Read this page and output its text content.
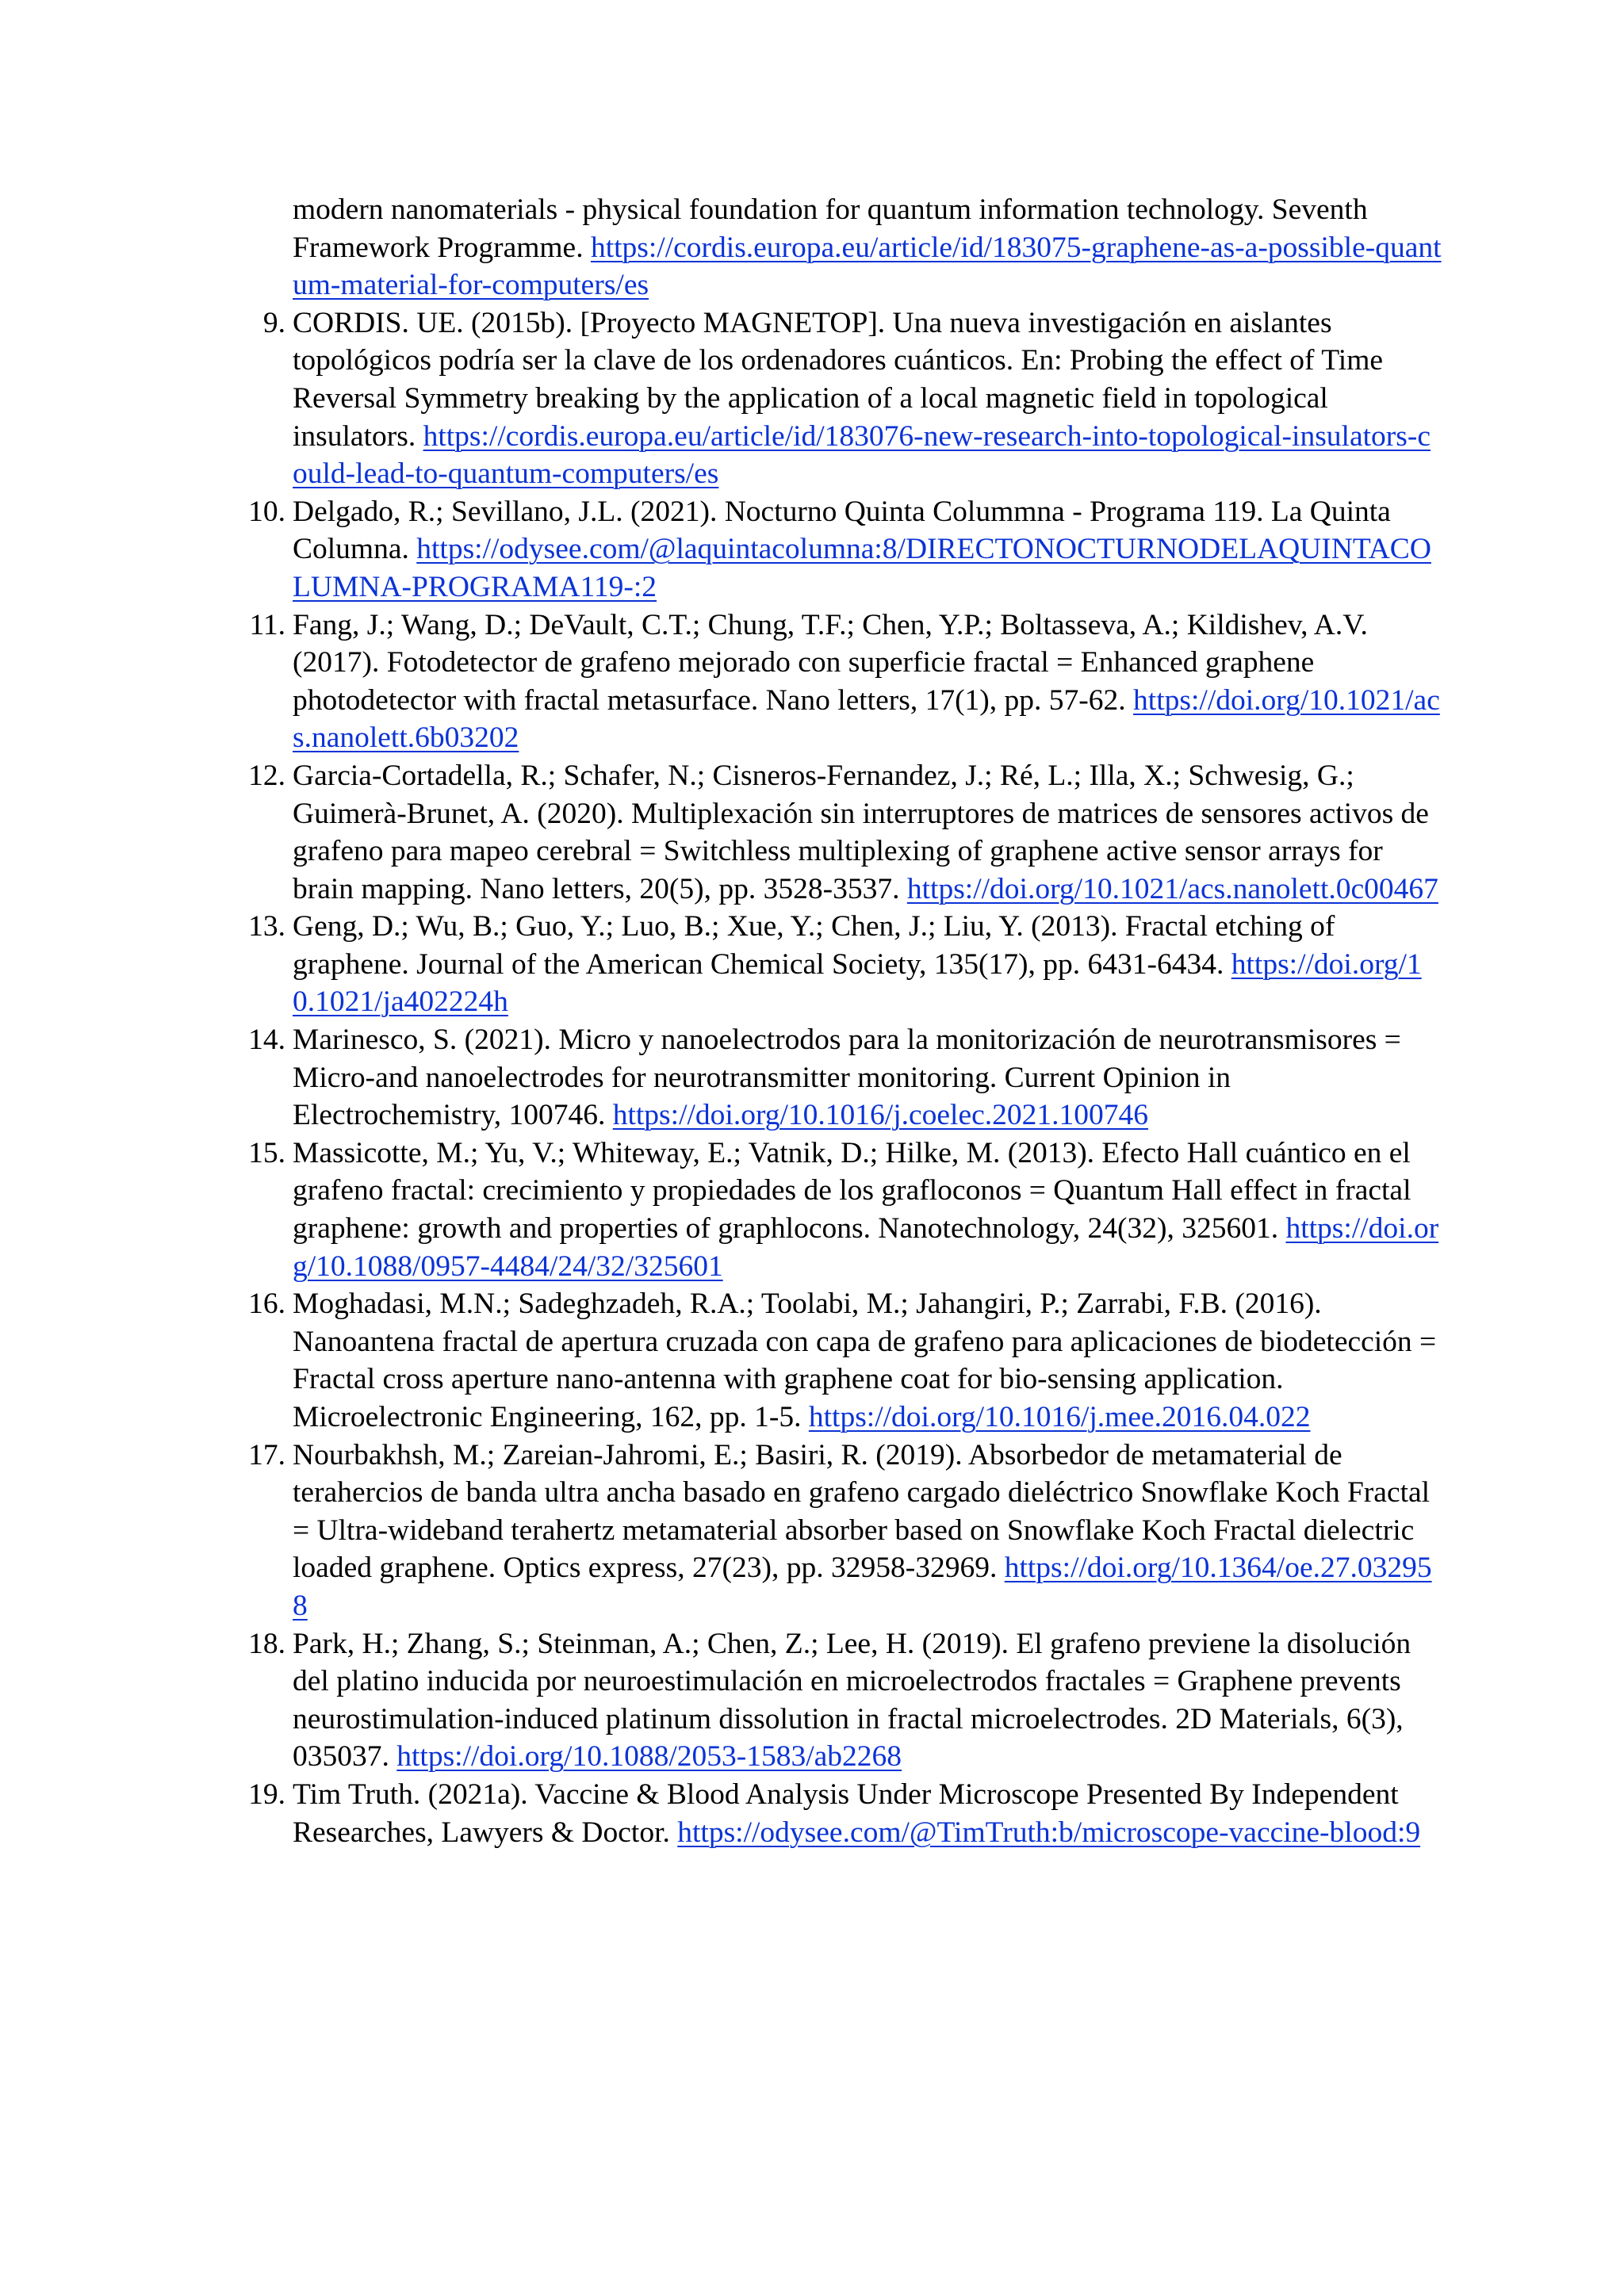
modern nanomaterials - physical foundation for quantum information technology. Seventh Framework Programme. https://cordis.europa.eu/article/id/183075-graphene-as-a-possible-quantum-material-for-computers/es
9. CORDIS. UE. (2015b). [Proyecto MAGNETOP]. Una nueva investigación en aislantes topológicos podría ser la clave de los ordenadores cuánticos. En: Probing the effect of Time Reversal Symmetry breaking by the application of a local magnetic field in topological insulators. https://cordis.europa.eu/article/id/183076-new-research-into-topological-insulators-could-lead-to-quantum-computers/es
10. Delgado, R.; Sevillano, J.L. (2021). Nocturno Quinta Colummna - Programa 119. La Quinta Columna. https://odysee.com/@laquintacolumna:8/DIRECTONOCTURNODELAQUINTACOLUMNA-PROGRAMA119-:2
11. Fang, J.; Wang, D.; DeVault, C.T.; Chung, T.F.; Chen, Y.P.; Boltasseva, A.; Kildishev, A.V. (2017). Fotodetector de grafeno mejorado con superficie fractal = Enhanced graphene photodetector with fractal metasurface. Nano letters, 17(1), pp. 57-62. https://doi.org/10.1021/acs.nanolett.6b03202
12. Garcia-Cortadella, R.; Schafer, N.; Cisneros-Fernandez, J.; Ré, L.; Illa, X.; Schwesig, G.; Guimerà-Brunet, A. (2020). Multiplexación sin interruptores de matrices de sensores activos de grafeno para mapeo cerebral = Switchless multiplexing of graphene active sensor arrays for brain mapping. Nano letters, 20(5), pp. 3528-3537. https://doi.org/10.1021/acs.nanolett.0c00467
13. Geng, D.; Wu, B.; Guo, Y.; Luo, B.; Xue, Y.; Chen, J.; Liu, Y. (2013). Fractal etching of graphene. Journal of the American Chemical Society, 135(17), pp. 6431-6434. https://doi.org/10.1021/ja402224h
14. Marinesco, S. (2021). Micro y nanoelectrodos para la monitorización de neurotransmisores = Micro-and nanoelectrodes for neurotransmitter monitoring. Current Opinion in Electrochemistry, 100746. https://doi.org/10.1016/j.coelec.2021.100746
15. Massicotte, M.; Yu, V.; Whiteway, E.; Vatnik, D.; Hilke, M. (2013). Efecto Hall cuántico en el grafeno fractal: crecimiento y propiedades de los grafloconos = Quantum Hall effect in fractal graphene: growth and properties of graphlocons. Nanotechnology, 24(32), 325601. https://doi.org/10.1088/0957-4484/24/32/325601
16. Moghadasi, M.N.; Sadeghzadeh, R.A.; Toolabi, M.; Jahangiri, P.; Zarrabi, F.B. (2016). Nanoantena fractal de apertura cruzada con capa de grafeno para aplicaciones de biodetección = Fractal cross aperture nano-antenna with graphene coat for bio-sensing application. Microelectronic Engineering, 162, pp. 1-5. https://doi.org/10.1016/j.mee.2016.04.022
17. Nourbakhsh, M.; Zareian-Jahromi, E.; Basiri, R. (2019). Absorbedor de metamaterial de terahercios de banda ultra ancha basado en grafeno cargado dieléctrico Snowflake Koch Fractal = Ultra-wideband terahertz metamaterial absorber based on Snowflake Koch Fractal dielectric loaded graphene. Optics express, 27(23), pp. 32958-32969. https://doi.org/10.1364/oe.27.032958
18. Park, H.; Zhang, S.; Steinman, A.; Chen, Z.; Lee, H. (2019). El grafeno previene la disolución del platino inducida por neuroestimulación en microelectrodos fractales = Graphene prevents neurostimulation-induced platinum dissolution in fractal microelectrodes. 2D Materials, 6(3), 035037. https://doi.org/10.1088/2053-1583/ab2268
19. Tim Truth. (2021a). Vaccine & Blood Analysis Under Microscope Presented By Independent Researches, Lawyers & Doctor. https://odysee.com/@TimTruth:b/microscope-vaccine-blood:9
